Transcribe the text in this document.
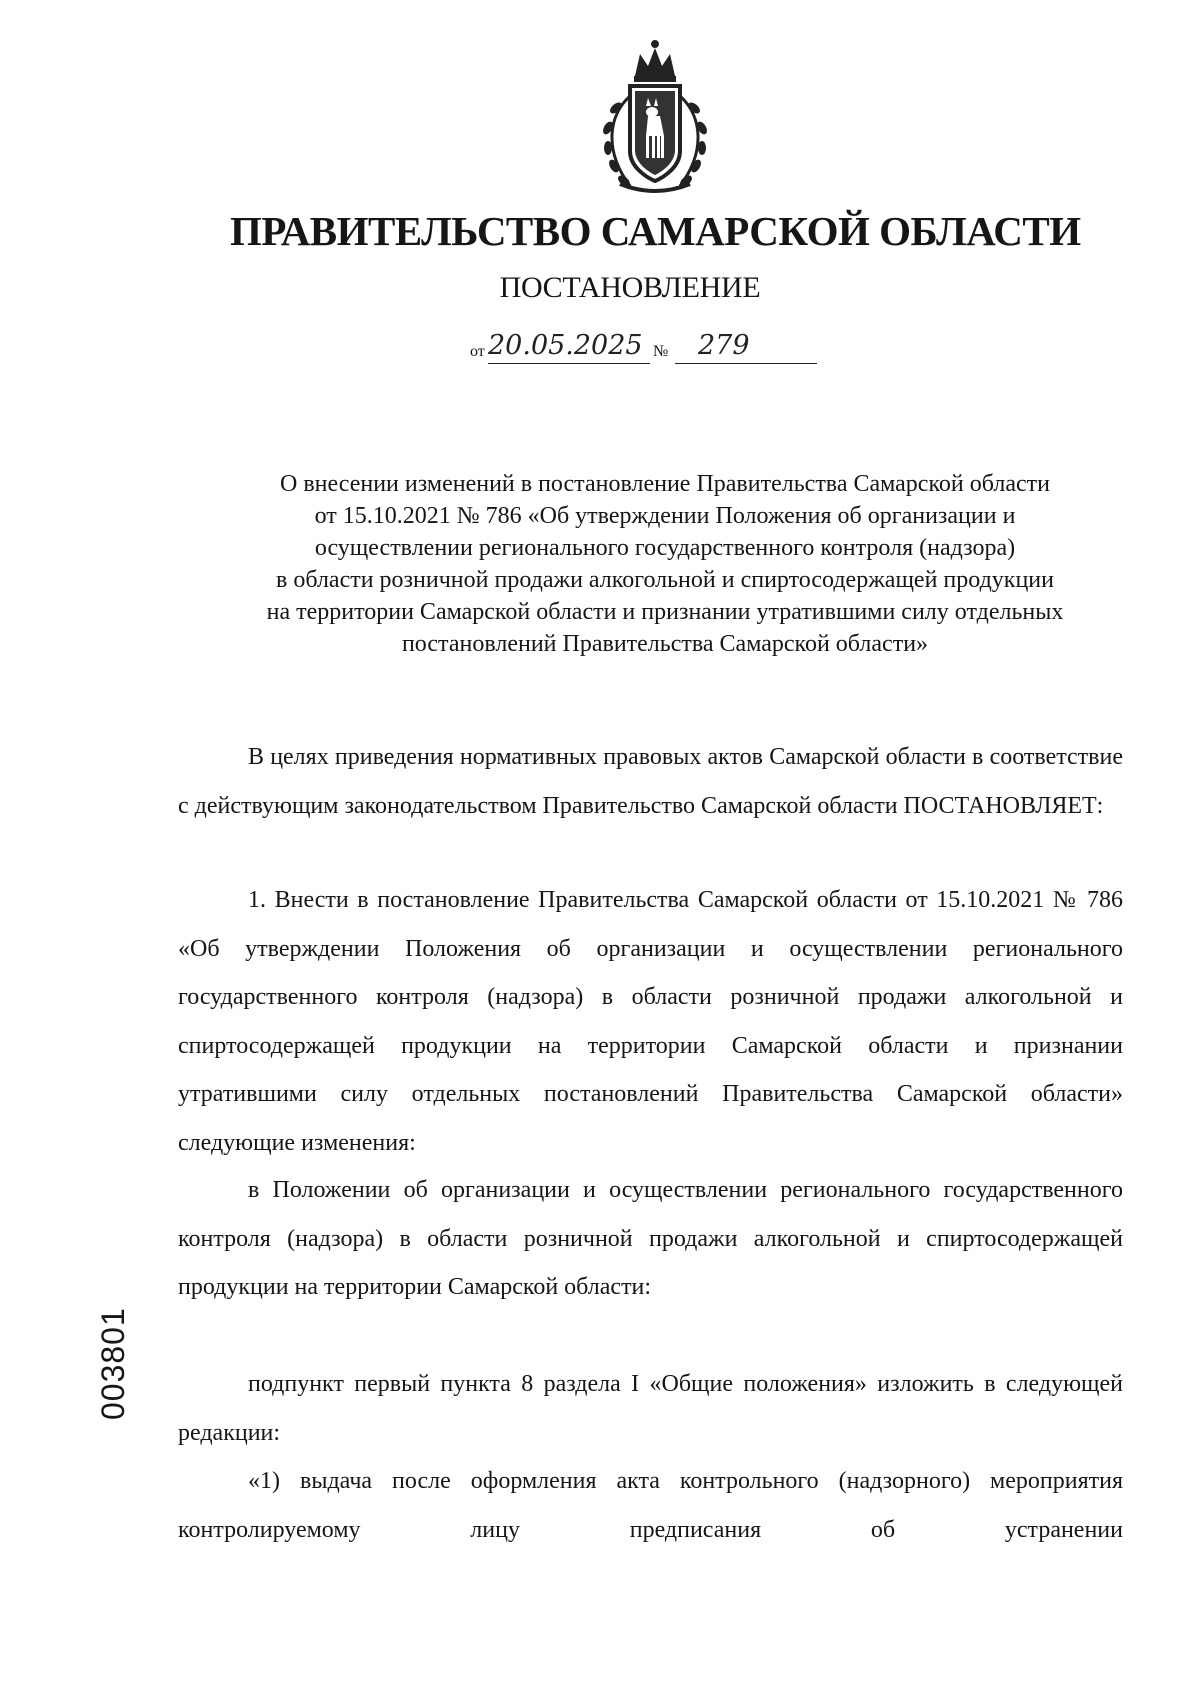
ПРАВИТЕЛЬСТВО САМАРСКОЙ ОБЛАСТИ
ПОСТАНОВЛЕНИЕ
от 20.05.2025 № 279
О внесении изменений в постановление Правительства Самарской области
от 15.10.2021 № 786 «Об утверждении Положения об организации и
осуществлении регионального государственного контроля (надзора)
в области розничной продажи алкогольной и спиртосодержащей продукции
на территории Самарской области и признании утратившими силу отдельных
постановлений Правительства Самарской области»

В целях приведения нормативных правовых актов Самарской области в соответствие с действующим законодательством Правительство Самарской области ПОСТАНОВЛЯЕТ:

1. Внести в постановление Правительства Самарской области от 15.10.2021 № 786 «Об утверждении Положения об организации и осуществлении регионального государственного контроля (надзора) в области розничной продажи алкогольной и спиртосодержащей продукции на территории Самарской области и признании утратившими силу отдельных постановлений Правительства Самарской области» следующие изменения:

в Положении об организации и осуществлении регионального государственного контроля (надзора) в области розничной продажи алкогольной и спиртосодержащей продукции на территории Самарской области:

подпункт первый пункта 8 раздела I «Общие положения» изложить в следующей редакции:

«1) выдача после оформления акта контрольного (надзорного) мероприятия контролируемому лицу предписания об устранении

003801
